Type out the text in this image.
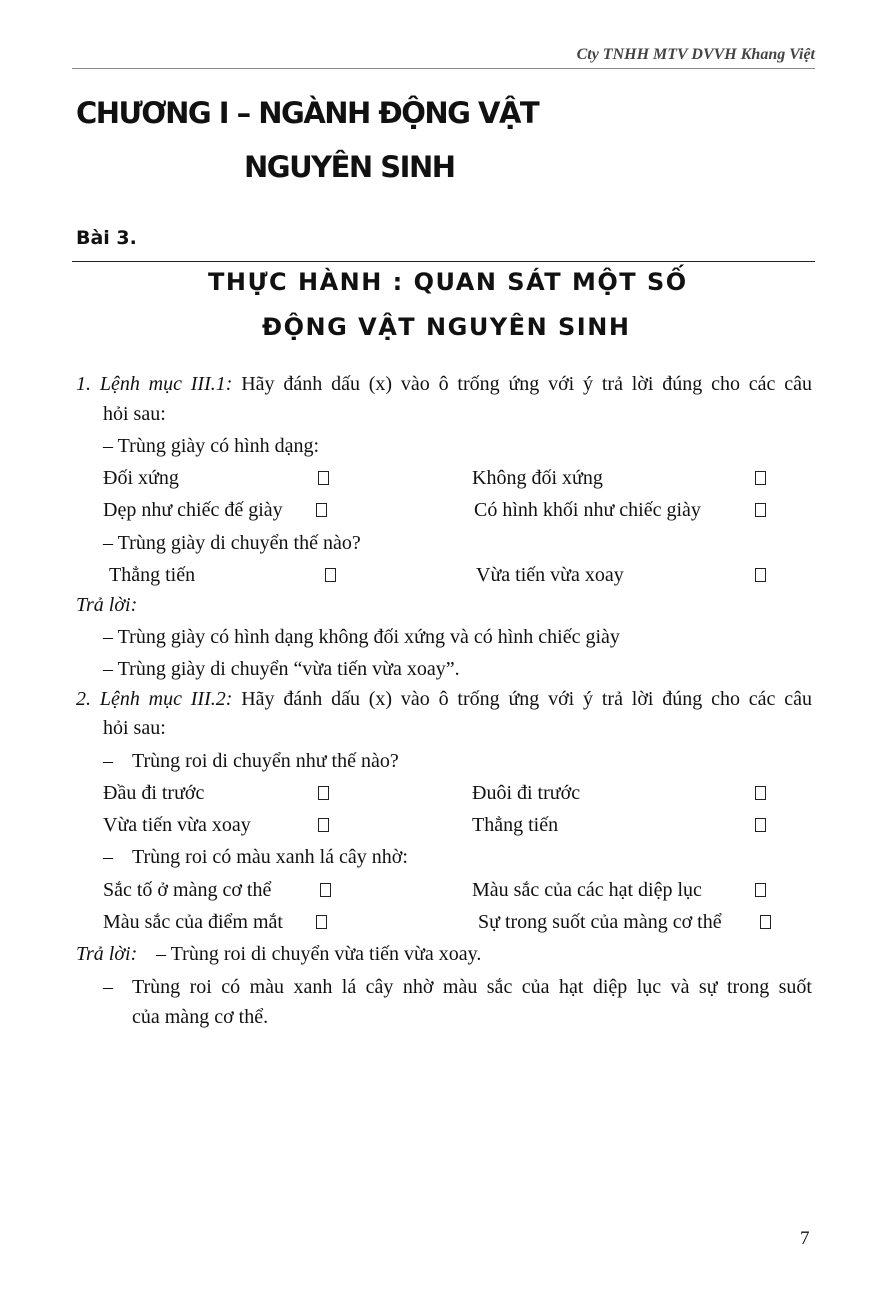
Cty TNHH MTV DVVH Khang Việt
CHƯƠNG I – NGÀNH ĐỘNG VẬT
NGUYÊN SINH
Bài 3.
THỰC HÀNH : QUAN SÁT MỘT SỐ
ĐỘNG VẬT NGUYÊN SINH
1. Lệnh mục III.1: Hãy đánh dấu (x) vào ô trống ứng với ý trả lời đúng cho các câu
hỏi sau:
– Trùng giày có hình dạng:
Đối xứng	Không đối xứng
Dẹp như chiếc đế giày	Có hình khối như chiếc giày
– Trùng giày di chuyển thế nào?
Thẳng tiến	Vừa tiến vừa xoay
Trả lời:
– Trùng giày có hình dạng không đối xứng và có hình chiếc giày
– Trùng giày di chuyển “vừa tiến vừa xoay”.
2. Lệnh mục III.2: Hãy đánh dấu (x) vào ô trống ứng với ý trả lời đúng cho các câu
hỏi sau:
– Trùng roi di chuyển như thế nào?
Đầu đi trước	Đuôi đi trước
Vừa tiến vừa xoay	Thẳng tiến
– Trùng roi có màu xanh lá cây nhờ:
Sắc tố ở màng cơ thể	Màu sắc của các hạt diệp lục
Màu sắc của điểm mắt	Sự trong suốt của màng cơ thể
Trả lời: – Trùng roi di chuyển vừa tiến vừa xoay.
– Trùng roi có màu xanh lá cây nhờ màu sắc của hạt diệp lục và sự trong suốt
của màng cơ thể.
7
